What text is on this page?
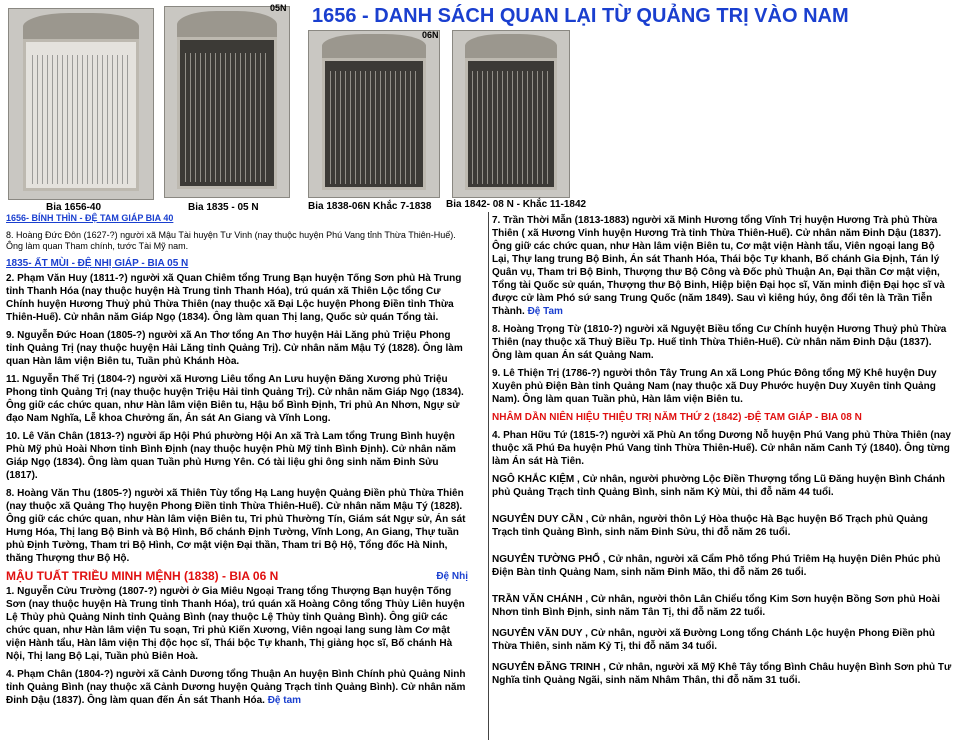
1656 - DANH SÁCH QUAN LẠI TỪ QUẢNG TRỊ VÀO NAM
Bia 1656-40
05N
Bia 1835 - 05 N
06N
Bia 1838-06N Khắc 7-1838 Bia 1842- 08 N - Khắc 11-1842
1656- BÍNH THÌN - ĐỆ TAM GIÁP BIA 40

8. Hoàng Đức Đôn (1627-?) người xã Mậu Tài huyện Tư Vinh (nay thuộc huyện Phú Vang tỉnh Thừa Thiên-Huế). Ông làm quan Tham chính, tước Tài Mỹ nam.

1835- ẤT MÙI - ĐỆ NHỊ GIÁP - BIA 05 N

2. Phạm Văn Huy (1811-?) người xã Quan Chiêm tổng Trung Bạn huyện Tống Sơn phủ Hà Trung tỉnh Thanh Hóa (nay thuộc huyện Hà Trung tỉnh Thanh Hóa), trú quán xã Thiên Lộc tổng Cư Chính huyện Hương Thuỷ phủ Thừa Thiên (nay thuộc xã Đại Lộc huyện Phong Điền tỉnh Thừa Thiên-Huế). Cử nhân năm Giáp Ngọ (1834). Ông làm quan Thị lang, Quốc sử quán Tổng tài.

9. Nguyễn Đức Hoan (1805-?) người xã An Thơ tổng An Thơ huyện Hải Lăng phủ Triệu Phong tỉnh Quảng Trị (nay thuộc huyện Hải Lăng tỉnh Quảng Trị). Cử nhân năm Mậu Tý (1828). Ông làm quan Hàn lâm viện Biên tu, Tuần phủ Khánh Hòa.

11. Nguyễn Thế Trị (1804-?) người xã Hương Liêu tổng An Lưu huyện Đăng Xương phủ Triệu Phong tỉnh Quảng Trị (nay thuộc huyện Triệu Hải tỉnh Quảng Trị). Cử nhân năm Giáp Ngọ (1834). Ông giữ các chức quan, như Hàn lâm viện Biên tu, Hậu bổ Bình Định, Tri phủ An Nhơn, Ngự sử đạo Nam Nghĩa, Lễ khoa Chưởng ấn, Án sát An Giang và Vĩnh Long.

10. Lê Văn Chân (1813-?) người ấp Hội Phú phường Hội An xã Trà Lam tổng Trung Bình huyện Phù Mỹ phủ Hoài Nhơn tỉnh Bình Định (nay thuộc huyện Phù Mỹ tỉnh Bình Định). Cử nhân năm Giáp Ngọ (1834). Ông làm quan Tuần phủ Hưng Yên. Có tài liệu ghi ông sinh năm Đinh Sửu (1817).

8. Hoàng Văn Thu (1805-?) người xã Thiên Tùy tổng Hạ Lang huyện Quảng Điền phủ Thừa Thiên (nay thuộc xã Quảng Thọ huyện Phong Điền tỉnh Thừa Thiên-Huế). Cử nhân năm Mậu Tý (1828). Ông giữ các chức quan, như Hàn lâm viện Biên tu, Tri phủ Thường Tín, Giám sát Ngự sử, Án sát Hưng Hóa, Thị lang Bộ Binh và Bộ Hình, Bố chánh Định Tường, Vĩnh Long, An Giang, Thự tuần phủ Định Tường, Tham tri Bộ Hình, Cơ mật viện Đại thần, Tham tri Bộ Hộ, Tổng đốc Hà Ninh, thăng Thượng thư Bộ Hộ.

MẬU TUẤT TRIỀU MINH MỆNH (1838) - BIA 06 N	Đệ Nhị

1. Nguyễn Cửu Trường (1807-?) người ở Gia Miêu Ngoại Trang tổng Thượng Bạn huyện Tống Sơn (nay thuộc huyện Hà Trung tỉnh Thanh Hóa), trú quán xã Hoàng Công tổng Thủy Liên huyện Lệ Thủy phủ Quảng Ninh tỉnh Quảng Bình (nay thuộc Lệ Thủy tỉnh Quảng Bình). Ông giữ các chức quan, như Hàn lâm viện Tu soạn, Tri phủ Kiến Xương, Viên ngoại lang sung làm Cơ mật viện Hành tẩu, Hàn lâm viện Thị độc học sĩ, Thái bộc Tự khanh, Thị giảng học sĩ, Bố chánh Hà Nội, Thị lang Bộ Lại, Tuần phủ Biên Hoà.

4. Phạm Chân (1804-?) người xã Cảnh Dương tổng Thuận An huyện Bình Chính phủ Quảng Ninh tỉnh Quảng Bình (nay thuộc xã Cảnh Dương huyện Quảng Trạch tỉnh Quảng Bình). Cử nhân năm Đinh Dậu (1837). Ông làm quan đến Án sát Thanh Hóa. Đệ tam

7. Trần Thời Mẫn (1813-1883) người xã Minh Hương tổng Vĩnh Trị huyện Hương Trà phủ Thừa Thiên ( xã Hương Vinh huyện Hương Trà tỉnh Thừa Thiên-Huế). Cử nhân năm Đinh Dậu (1837). Ông giữ các chức quan, như Hàn lâm viện Biên tu, Cơ mật viện Hành tẩu, Viên ngoại lang Bộ Lại, Thự lang trung Bộ Binh, Án sát Thanh Hóa, Thái bộc Tự khanh, Bố chánh Gia Định, Tán lý Quân vụ, Tham tri Bộ Binh, Thượng thư Bộ Công và Đốc phủ Thuận An, Đại thần Cơ mật viện, Tổng tài Quốc sử quán, Thượng thư Bộ Binh, Hiệp biện Đại học sĩ, Văn minh điện Đại học sĩ và được cử làm Phó sứ sang Trung Quốc (năm 1849). Sau vì kiêng húy, ông đổi tên là Trần Tiễn Thành. Đệ Tam

8. Hoàng Trọng Từ (1810-?) người xã Nguyệt Biều tổng Cư Chính huyện Hương Thuỷ phủ Thừa Thiên (nay thuộc xã Thuỷ Biều Tp. Huế tỉnh Thừa Thiên-Huế). Cử nhân năm Đinh Dậu (1837). Ông làm quan Án sát Quảng Nam.

9. Lê Thiện Trị (1786-?) người thôn Tây Trung An xã Long Phúc Đông tổng Mỹ Khê huyện Duy Xuyên phủ Điện Bàn tỉnh Quảng Nam (nay thuộc xã Duy Phước huyện Duy Xuyên tỉnh Quảng Nam). Ông làm quan Tuần phủ, Hàn lâm viện Biên tu.

NHÂM DẦN NIÊN HIỆU THIỆU TRỊ NĂM THỨ 2 (1842) -ĐỆ TAM GIÁP - BIA 08 N

4. Phan Hữu Tứ (1815-?) người xã Phù An tổng Dương Nỗ huyện Phú Vang phủ Thừa Thiên (nay thuộc xã Phú Đa huyện Phú Vang tỉnh Thừa Thiên-Huế). Cử nhân năm Canh Tý (1840). Ông từng làm Án sát Hà Tiên.

NGÔ KHẮC KIỆM , Cử nhân, người phường Lộc Điền Thượng tổng Lũ Đăng huyện Bình Chánh phủ Quảng Trạch tỉnh Quảng Bình, sinh năm Kỷ Mùi, thi đỗ năm 44 tuổi.

NGUYỄN DUY CẦN , Cử nhân, người thôn Lý Hòa thuộc Hà Bạc huyện Bố Trạch phủ Quảng Trạch tỉnh Quảng Bình, sinh năm Đinh Sửu, thi đỗ năm 26 tuổi.

NGUYỄN TƯỜNG PHỔ , Cử nhân, người xã Cẩm Phô tổng Phú Triêm Hạ huyện Diên Phúc phủ Điện Bàn tỉnh Quảng Nam, sinh năm Đinh Mão, thi đỗ năm 26 tuổi.

TRẦN VĂN CHÁNH , Cử nhân, người thôn Lân Chiểu tổng Kim Sơn huyện Bồng Sơn phủ Hoài Nhơn tỉnh Bình Định, sinh năm Tân Tị, thi đỗ năm 22 tuổi.

NGUYỄN VĂN DUY , Cử nhân, người xã Đường Long tổng Chánh Lộc huyện Phong Điền phủ Thừa Thiên, sinh năm Kỷ Tị, thi đỗ năm 34 tuổi.

NGUYỄN ĐĂNG TRINH , Cử nhân, người xã Mỹ Khê Tây tổng Bình Châu huyện Bình Sơn phủ Tư Nghĩa tỉnh Quảng Ngãi, sinh năm Nhâm Thân, thi đỗ năm 31 tuổi.
